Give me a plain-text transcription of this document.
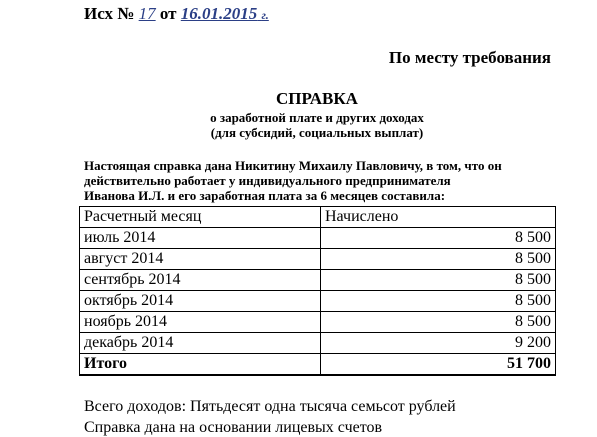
Исх № 17 от 16.01.2015 г.
По месту требования
СПРАВКА
о заработной плате и других доходах
(для субсидий, социальных выплат)
Настоящая справка дана Никитину Михаилу Павловичу, в том, что он
действительно работает у индивидуального предпринимателя
Иванова И.Л. и его заработная плата за 6 месяцев составила:
Расчетный месяц	Начислено
июль 2014	8 500
август 2014	8 500
сентябрь 2014	8 500
октябрь 2014	8 500
ноябрь 2014	8 500
декабрь 2014	9 200
Итого	51 700
Всего доходов: Пятьдесят одна тысяча семьсот рублей
Справка дана на основании лицевых счетов
